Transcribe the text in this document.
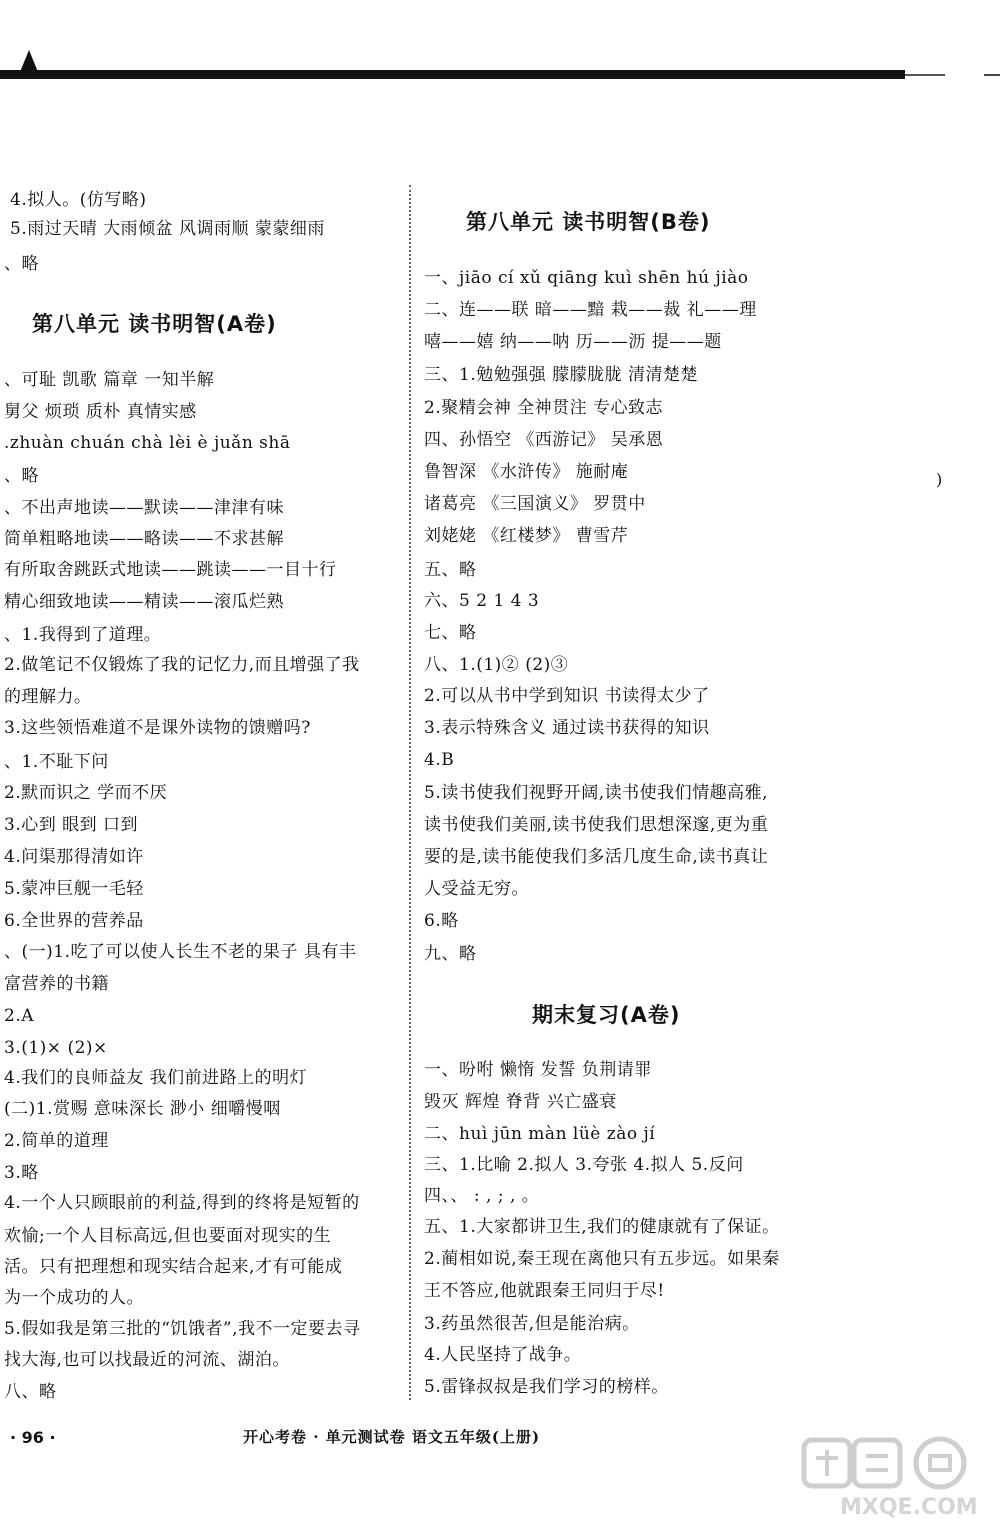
4.拟人。(仿写略)
5.雨过天晴 大雨倾盆 风调雨顺 蒙蒙细雨
、略
第八单元 读书明智(A卷)
、可耻 凯歌 篇章 一知半解
舅父 烦琐 质朴 真情实感
.zhuàn chuán chà lèi è juǎn shā
、略
、不出声地读——默读——津津有味
简单粗略地读——略读——不求甚解
有所取舍跳跃式地读——跳读——一目十行
精心细致地读——精读——滚瓜烂熟
、1.我得到了道理。
2.做笔记不仅锻炼了我的记忆力,而且增强了我
的理解力。
3.这些领悟难道不是课外读物的馈赠吗?
、1.不耻下问
2.默而识之 学而不厌
3.心到 眼到 口到
4.问渠那得清如许
5.蒙冲巨舰一毛轻
6.全世界的营养品
、(一)1.吃了可以使人长生不老的果子 具有丰
富营养的书籍
2.A
3.(1)× (2)×
4.我们的良师益友 我们前进路上的明灯
(二)1.赏赐 意味深长 渺小 细嚼慢咽
2.简单的道理
3.略
4.一个人只顾眼前的利益,得到的终将是短暂的
欢愉;一个人目标高远,但也要面对现实的生
活。只有把理想和现实结合起来,才有可能成
为一个成功的人。
5.假如我是第三批的“饥饿者”,我不一定要去寻
找大海,也可以找最近的河流、湖泊。
八、略
第八单元 读书明智(B卷)
一、jiāo cí xǔ qiāng kuì shēn hú jiào
二、连——联 暗——黯 栽——裁 礼——理
嘻——嬉 纳——呐 历——沥 提——题
三、1.勉勉强强 朦朦胧胧 清清楚楚
2.聚精会神 全神贯注 专心致志
四、孙悟空 《西游记》 吴承恩
鲁智深 《水浒传》 施耐庵
诸葛亮 《三国演义》 罗贯中
刘姥姥 《红楼梦》 曹雪芹
五、略
六、5 2 1 4 3
七、略
八、1.(1)② (2)③
2.可以从书中学到知识 书读得太少了
3.表示特殊含义 通过读书获得的知识
4.B
5.读书使我们视野开阔,读书使我们情趣高雅,
读书使我们美丽,读书使我们思想深邃,更为重
要的是,读书能使我们多活几度生命,读书真让
人受益无穷。
6.略
九、略
期末复习(A卷)
一、吩咐 懒惰 发誓 负荆请罪
毁灭 辉煌 脊背 兴亡盛衰
二、huì jūn màn lüè zào jí
三、1.比喻 2.拟人 3.夸张 4.拟人 5.反问
四、、 : , ; , 。
五、1.大家都讲卫生,我们的健康就有了保证。
2.蔺相如说,秦王现在离他只有五步远。如果秦
王不答应,他就跟秦王同归于尽!
3.药虽然很苦,但是能治病。
4.人民坚持了战争。
5.雷锋叔叔是我们学习的榜样。
)
· 96 ·	开心考卷 · 单元测试卷 语文五年级(上册)
MXQE.COM
